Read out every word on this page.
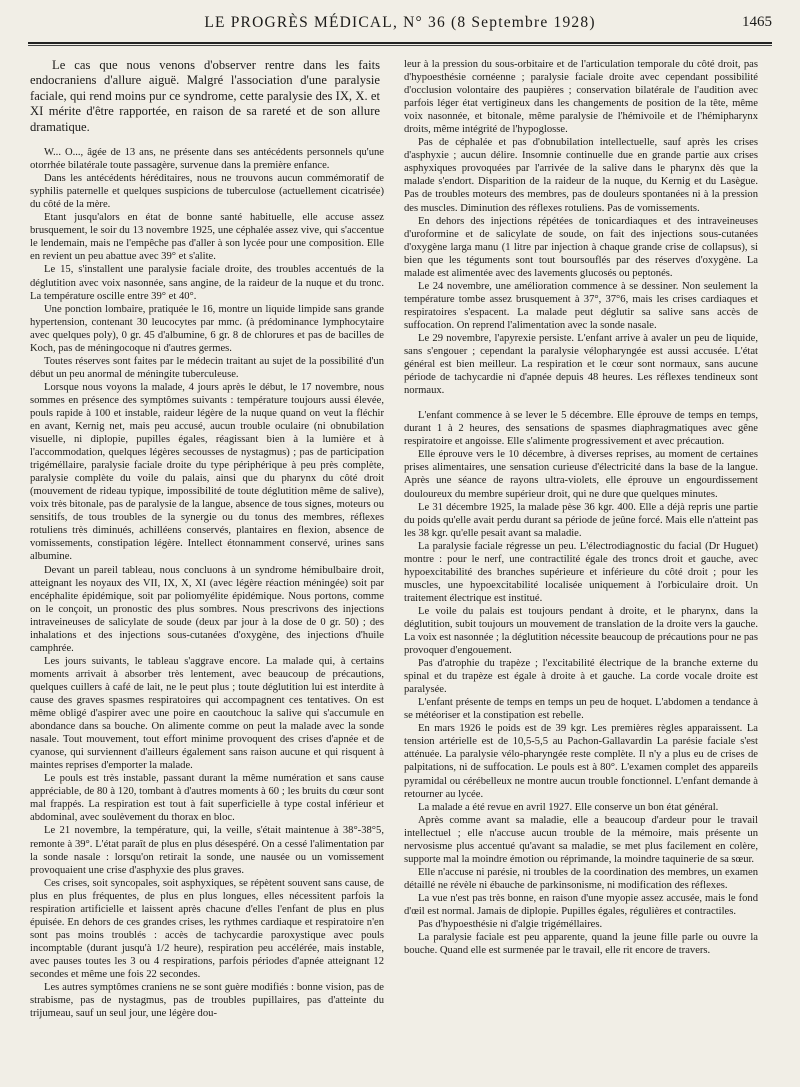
LE PROGRÈS MÉDICAL, N° 36 (8 Septembre 1928)	1465

Le cas que nous venons d'observer rentre dans les faits endocraniens d'allure aiguë. Malgré l'association d'une paralysie faciale, qui rend moins pur ce syndrome, cette paralysie des IX, X. et XI mérite d'être rapportée, en raison de sa rareté et de son allure dramatique.

W... O..., âgée de 13 ans, ne présente dans ses antécédents personnels qu'une otorrhée bilatérale toute passagère, survenue dans la première enfance.

Dans les antécédents héréditaires, nous ne trouvons aucun commémoratif de syphilis paternelle et quelques suspicions de tuberculose (actuellement cicatrisée) du côté de la mère.

Etant jusqu'alors en état de bonne santé habituelle, elle accuse assez brusquement, le soir du 13 novembre 1925, une céphalée assez vive, qui s'accentue le lendemain, mais ne l'empêche pas d'aller à son lycée pour une composition. Elle en revient un peu abattue avec 39° et s'alite.

Le 15, s'installent une paralysie faciale droite, des troubles accentués de la déglutition avec voix nasonnée, sans angine, de la raideur de la nuque et du tronc. La température oscille entre 39° et 40°.

Une ponction lombaire, pratiquée le 16, montre un liquide limpide sans grande hypertension, contenant 30 leucocytes par mmc. (à prédominance lymphocytaire avec quelques poly), 0 gr. 45 d'albumine, 6 gr. 8 de chlorures et pas de bacilles de Koch, pas de méningocoque ni d'autres germes.

Toutes réserves sont faites par le médecin traitant au sujet de la possibilité d'un début un peu anormal de méningite tuberculeuse.

Lorsque nous voyons la malade, 4 jours après le début, le 17 novembre, nous sommes en présence des symptômes suivants : température toujours aussi élevée, pouls rapide à 100 et instable, raideur légère de la nuque quand on veut la fléchir en avant, Kernig net, mais peu accusé, aucun trouble oculaire (ni obnubilation visuelle, ni diplopie, pupilles égales, réagissant bien à la lumière et à l'accommodation, quelques légères secousses de nystagmus) ; pas de participation trigéméllaire, paralysie faciale droite du type périphérique à peu près complète, paralysie complète du voile du palais, ainsi que du pharynx du côté droit (mouvement de rideau typique, impossibilité de toute déglutition même de salive), voix très bitonale, pas de paralysie de la langue, absence de tous signes, moteurs ou sensitifs, de tous troubles de la synergie ou du tonus des membres, réflexes rotuliens très diminués, achilléens conservés, plantaires en flexion, absence de vomissements, constipation légère. Intellect étonnamment conservé, urines sans albumine.

Devant un pareil tableau, nous concluons à un syndrome hémibulbaire droit, atteignant les noyaux des VII, IX, X, XI (avec légère réaction méningée) soit par encéphalite épidémique, soit par poliomyélite épidémique. Nous portons, comme on le conçoit, un pronostic des plus sombres. Nous prescrivons des injections intraveineuses de salicylate de soude (deux par jour à la dose de 0 gr. 50) ; des inhalations et des injections sous-cutanées d'oxygène, des injections d'huile camphrée.

Les jours suivants, le tableau s'aggrave encore. La malade qui, à certains moments arrivait à absorber très lentement, avec beaucoup de précautions, quelques cuillers à café de lait, ne le peut plus ; toute déglutition lui est interdite à cause des graves spasmes respiratoires qui accompagnent ces tentatives. On est même obligé d'aspirer avec une poire en caoutchouc la salive qui s'accumule en abondance dans sa bouche. On alimente comme on peut la malade avec la sonde nasale. Tout mouvement, tout effort minime provoquent des crises d'apnée et de cyanose, qui surviennent d'ailleurs également sans raison aucune et qui risquent à maintes reprises d'emporter la malade.

Le pouls est très instable, passant durant la même numération et sans cause appréciable, de 80 à 120, tombant à d'autres moments à 60 ; les bruits du cœur sont mal frappés. La respiration est tout à fait superficielle à type costal inférieur et abdominal, avec soulèvement du thorax en bloc.

Le 21 novembre, la température, qui, la veille, s'était maintenue à 38°-38°5, remonte à 39°. L'état paraît de plus en plus désespéré. On a cessé l'alimentation par la sonde nasale : lorsqu'on retirait la sonde, une nausée ou un vomissement provoquaient une crise d'asphyxie des plus graves.

Ces crises, soit syncopales, soit asphyxiques, se répètent souvent sans cause, de plus en plus fréquentes, de plus en plus longues, elles nécessitent parfois la respiration artificielle et laissent après chacune d'elles l'enfant de plus en plus épuisée. En dehors de ces grandes crises, les rythmes cardiaque et respiratoire n'en sont pas moins troublés : accès de tachycardie paroxystique avec pouls incomptable (durant jusqu'à 1/2 heure), respiration peu accélérée, mais instable, avec pauses toutes les 3 ou 4 respirations, parfois périodes d'apnée atteignant 12 secondes et même une fois 22 secondes.

Les autres symptômes craniens ne se sont guère modifiés : bonne vision, pas de strabisme, pas de nystagmus, pas de troubles pupillaires, pas d'atteinte du trijumeau, sauf un seul jour, une légère dou-

leur à la pression du sous-orbitaire et de l'articulation temporale du côté droit, pas d'hypoesthésie cornéenne ; paralysie faciale droite avec cependant possibilité d'occlusion volontaire des paupières ; conservation bilatérale de l'audition avec parfois léger état vertigineux dans les changements de position de la tête, même voix nasonnée, et bitonale, même paralysie de l'hémivoile et de l'hémipharynx droits, même intégrité de l'hypoglosse.

Pas de céphalée et pas d'obnubilation intellectuelle, sauf après les crises d'asphyxie ; aucun délire. Insomnie continuelle due en grande partie aux crises asphyxiques provoquées par l'arrivée de la salive dans le pharynx dès que la malade s'endort. Disparition de la raideur de la nuque, du Kernig et du Lasègue. Pas de troubles moteurs des membres, pas de douleurs spontanées ni à la pression des muscles. Diminution des réflexes rotuliens. Pas de vomissements.

En dehors des injections répétées de tonicardiaques et des intraveineuses d'uroformine et de salicylate de soude, on fait des injections sous-cutanées d'oxygène larga manu (1 litre par injection à chaque grande crise de collapsus), si bien que les téguments sont tout boursouflés par des réserves d'oxygène. La malade est alimentée avec des lavements glucosés ou peptonés.

Le 24 novembre, une amélioration commence à se dessiner. Non seulement la température tombe assez brusquement à 37°, 37°6, mais les crises cardiaques et respiratoires s'espacent. La malade peut déglutir sa salive sans accès de suffocation. On reprend l'alimentation avec la sonde nasale.

Le 29 novembre, l'apyrexie persiste. L'enfant arrive à avaler un peu de liquide, sans s'engouer ; cependant la paralysie vélopharyngée est aussi accusée. L'état général est bien meilleur. La respiration et le cœur sont normaux, sans aucune période de tachycardie ni d'apnée depuis 48 heures. Les réflexes tendineux sont normaux.

L'enfant commence à se lever le 5 décembre. Elle éprouve de temps en temps, durant 1 à 2 heures, des sensations de spasmes diaphragmatiques avec gêne respiratoire et angoisse. Elle s'alimente progressivement et avec précaution.

Elle éprouve vers le 10 décembre, à diverses reprises, au moment de certaines prises alimentaires, une sensation curieuse d'électricité dans la base de la langue. Après une séance de rayons ultra-violets, elle éprouve un engourdissement douloureux du membre supérieur droit, qui ne dure que quelques minutes.

Le 31 décembre 1925, la malade pèse 36 kgr. 400. Elle a déjà repris une partie du poids qu'elle avait perdu durant sa période de jeûne forcé. Mais elle n'atteint pas les 38 kgr. qu'elle pesait avant sa maladie.

La paralysie faciale régresse un peu. L'électrodiagnostic du facial (Dr Huguet) montre : pour le nerf, une contractilité égale des troncs droit et gauche, avec hypoexcitabilité des branches supérieure et inférieure du côté droit ; pour les muscles, une hypoexcitabilité localisée uniquement à l'orbiculaire droit. Un traitement électrique est institué.

Le voile du palais est toujours pendant à droite, et le pharynx, dans la déglutition, subit toujours un mouvement de translation de la droite vers la gauche. La voix est nasonnée ; la déglutition nécessite beaucoup de précautions pour ne pas provoquer d'engouement.

Pas d'atrophie du trapèze ; l'excitabilité électrique de la branche externe du spinal et du trapèze est égale à droite à et gauche. La corde vocale droite est paralysée.

L'enfant présente de temps en temps un peu de hoquet. L'abdomen a tendance à se météoriser et la constipation est rebelle.

En mars 1926 le poids est de 39 kgr. Les premières règles apparaissent. La tension artérielle est de 10,5-5,5 au Pachon-Gallavardin La parésie faciale s'est atténuée. La paralysie vélo-pharyngée reste complète. Il n'y a plus eu de crises de palpitations, ni de suffocation. Le pouls est à 80°. L'examen complet des appareils pyramidal ou cérébelleux ne montre aucun trouble fonctionnel. L'enfant demande à retourner au lycée.

La malade a été revue en avril 1927. Elle conserve un bon état général.

Après comme avant sa maladie, elle a beaucoup d'ardeur pour le travail intellectuel ; elle n'accuse aucun trouble de la mémoire, mais présente un nervosisme plus accentué qu'avant sa maladie, se met plus facilement en colère, supporte mal la moindre émotion ou réprimande, la moindre taquinerie de sa sœur.

Elle n'accuse ni parésie, ni troubles de la coordination des membres, un examen détaillé ne révèle ni ébauche de parkinsonisme, ni modification des réflexes.

La vue n'est pas très bonne, en raison d'une myopie assez accusée, mais le fond d'œil est normal. Jamais de diplopie. Pupilles égales, régulières et contractiles.

Pas d'hypoesthésie ni d'algie trigéméllaires.

La paralysie faciale est peu apparente, quand la jeune fille parle ou ouvre la bouche. Quand elle est surmenée par le travail, elle rit encore de travers.
